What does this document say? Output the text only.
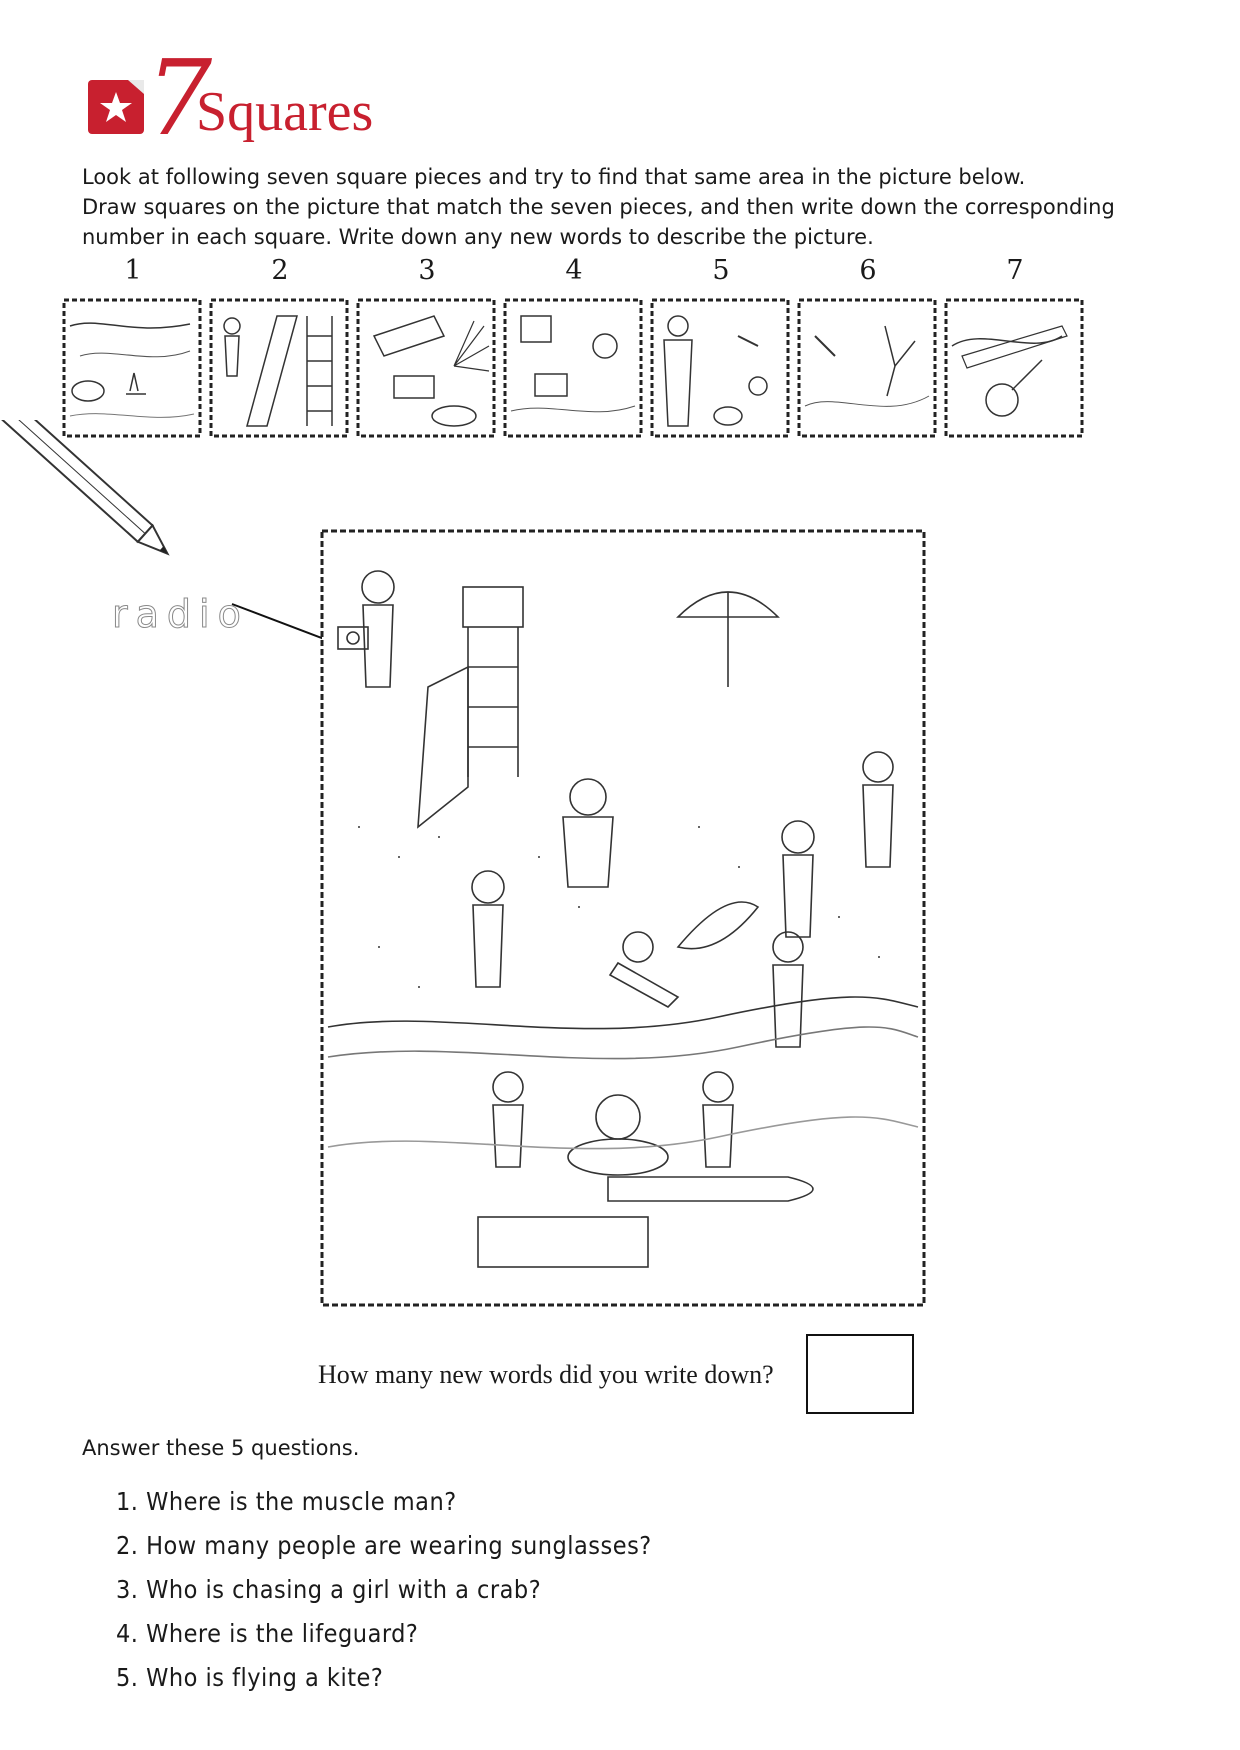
7
Squares

Look at following seven square pieces and try to find that same area in the picture below.

Draw squares on the picture that match the seven pieces, and then write down the corresponding

number in each square. Write down any new words to describe the picture.

1	2	3	4	5	6	7
radio
How many new words did you write down?
Answer these 5 questions.
1. Where is the muscle man?
2. How many people are wearing sunglasses?
3. Who is chasing a girl with a crab?
4. Where is the lifeguard?
5. Who is flying a kite?
